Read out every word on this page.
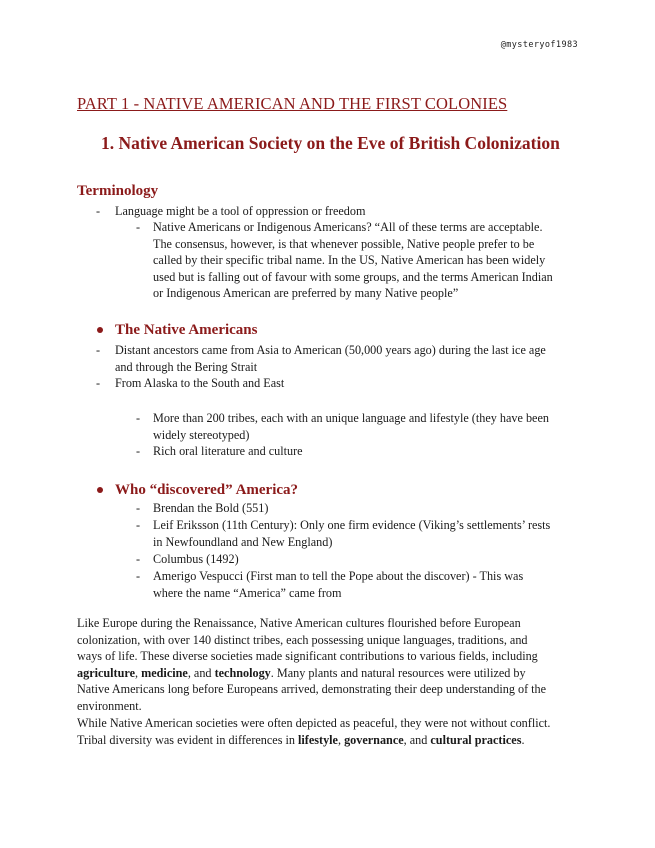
@mysteryof1983
PART 1 - NATIVE AMERICAN AND THE FIRST COLONIES
1. Native American Society on the Eve of British Colonization
Terminology
- Language might be a tool of oppression or freedom
- Native Americans or Indigenous Americans? “All of these terms are acceptable.
The consensus, however, is that whenever possible, Native people prefer to be
called by their specific tribal name. In the US, Native American has been widely
used but is falling out of favour with some groups, and the terms American Indian
or Indigenous American are preferred by many Native people”
The Native Americans
- Distant ancestors came from Asia to American (50,000 years ago) during the last ice age
and through the Bering Strait
- From Alaska to the South and East
- More than 200 tribes, each with an unique language and lifestyle (they have been
widely stereotyped)
- Rich oral literature and culture
Who “discovered” America?
- Brendan the Bold (551)
- Leif Eriksson (11th Century): Only one firm evidence (Viking’s settlements’ rests
in Newfoundland and New England)
- Columbus (1492)
- Amerigo Vespucci (First man to tell the Pope about the discover) - This was
where the name “America” came from
Like Europe during the Renaissance, Native American cultures flourished before European
colonization, with over 140 distinct tribes, each possessing unique languages, traditions, and
ways of life. These diverse societies made significant contributions to various fields, including
agriculture, medicine, and technology. Many plants and natural resources were utilized by
Native Americans long before Europeans arrived, demonstrating their deep understanding of the
environment.
While Native American societies were often depicted as peaceful, they were not without conflict.
Tribal diversity was evident in differences in lifestyle, governance, and cultural practices.
